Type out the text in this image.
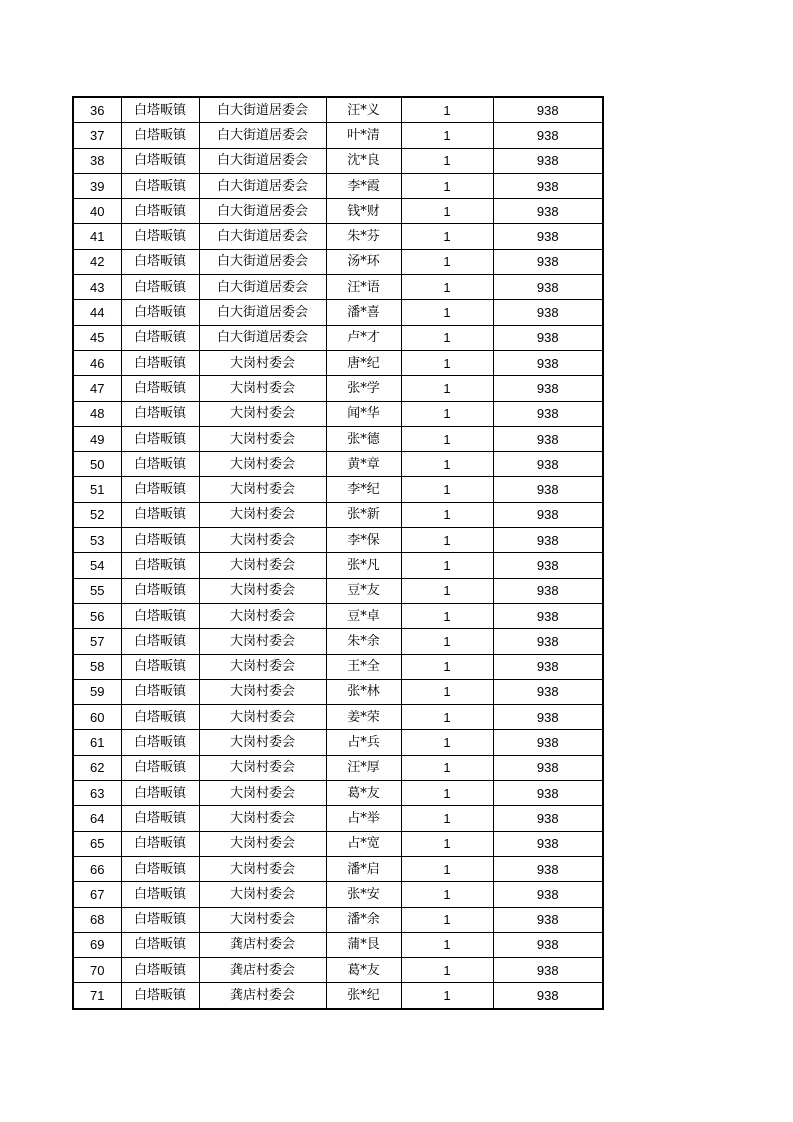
36	白塔畈镇	白大街道居委会	汪*义	1	938
37	白塔畈镇	白大街道居委会	叶*清	1	938
38	白塔畈镇	白大街道居委会	沈*良	1	938
39	白塔畈镇	白大街道居委会	李*霞	1	938
40	白塔畈镇	白大街道居委会	钱*财	1	938
41	白塔畈镇	白大街道居委会	朱*芬	1	938
42	白塔畈镇	白大街道居委会	汤*环	1	938
43	白塔畈镇	白大街道居委会	汪*语	1	938
44	白塔畈镇	白大街道居委会	潘*喜	1	938
45	白塔畈镇	白大街道居委会	卢*才	1	938
46	白塔畈镇	大岗村委会	唐*纪	1	938
47	白塔畈镇	大岗村委会	张*学	1	938
48	白塔畈镇	大岗村委会	闻*华	1	938
49	白塔畈镇	大岗村委会	张*德	1	938
50	白塔畈镇	大岗村委会	黄*章	1	938
51	白塔畈镇	大岗村委会	李*纪	1	938
52	白塔畈镇	大岗村委会	张*新	1	938
53	白塔畈镇	大岗村委会	李*保	1	938
54	白塔畈镇	大岗村委会	张*凡	1	938
55	白塔畈镇	大岗村委会	豆*友	1	938
56	白塔畈镇	大岗村委会	豆*卓	1	938
57	白塔畈镇	大岗村委会	朱*余	1	938
58	白塔畈镇	大岗村委会	王*全	1	938
59	白塔畈镇	大岗村委会	张*林	1	938
60	白塔畈镇	大岗村委会	姜*荣	1	938
61	白塔畈镇	大岗村委会	占*兵	1	938
62	白塔畈镇	大岗村委会	汪*厚	1	938
63	白塔畈镇	大岗村委会	葛*友	1	938
64	白塔畈镇	大岗村委会	占*举	1	938
65	白塔畈镇	大岗村委会	占*宽	1	938
66	白塔畈镇	大岗村委会	潘*启	1	938
67	白塔畈镇	大岗村委会	张*安	1	938
68	白塔畈镇	大岗村委会	潘*余	1	938
69	白塔畈镇	龚店村委会	蒲*艮	1	938
70	白塔畈镇	龚店村委会	葛*友	1	938
71	白塔畈镇	龚店村委会	张*纪	1	938
